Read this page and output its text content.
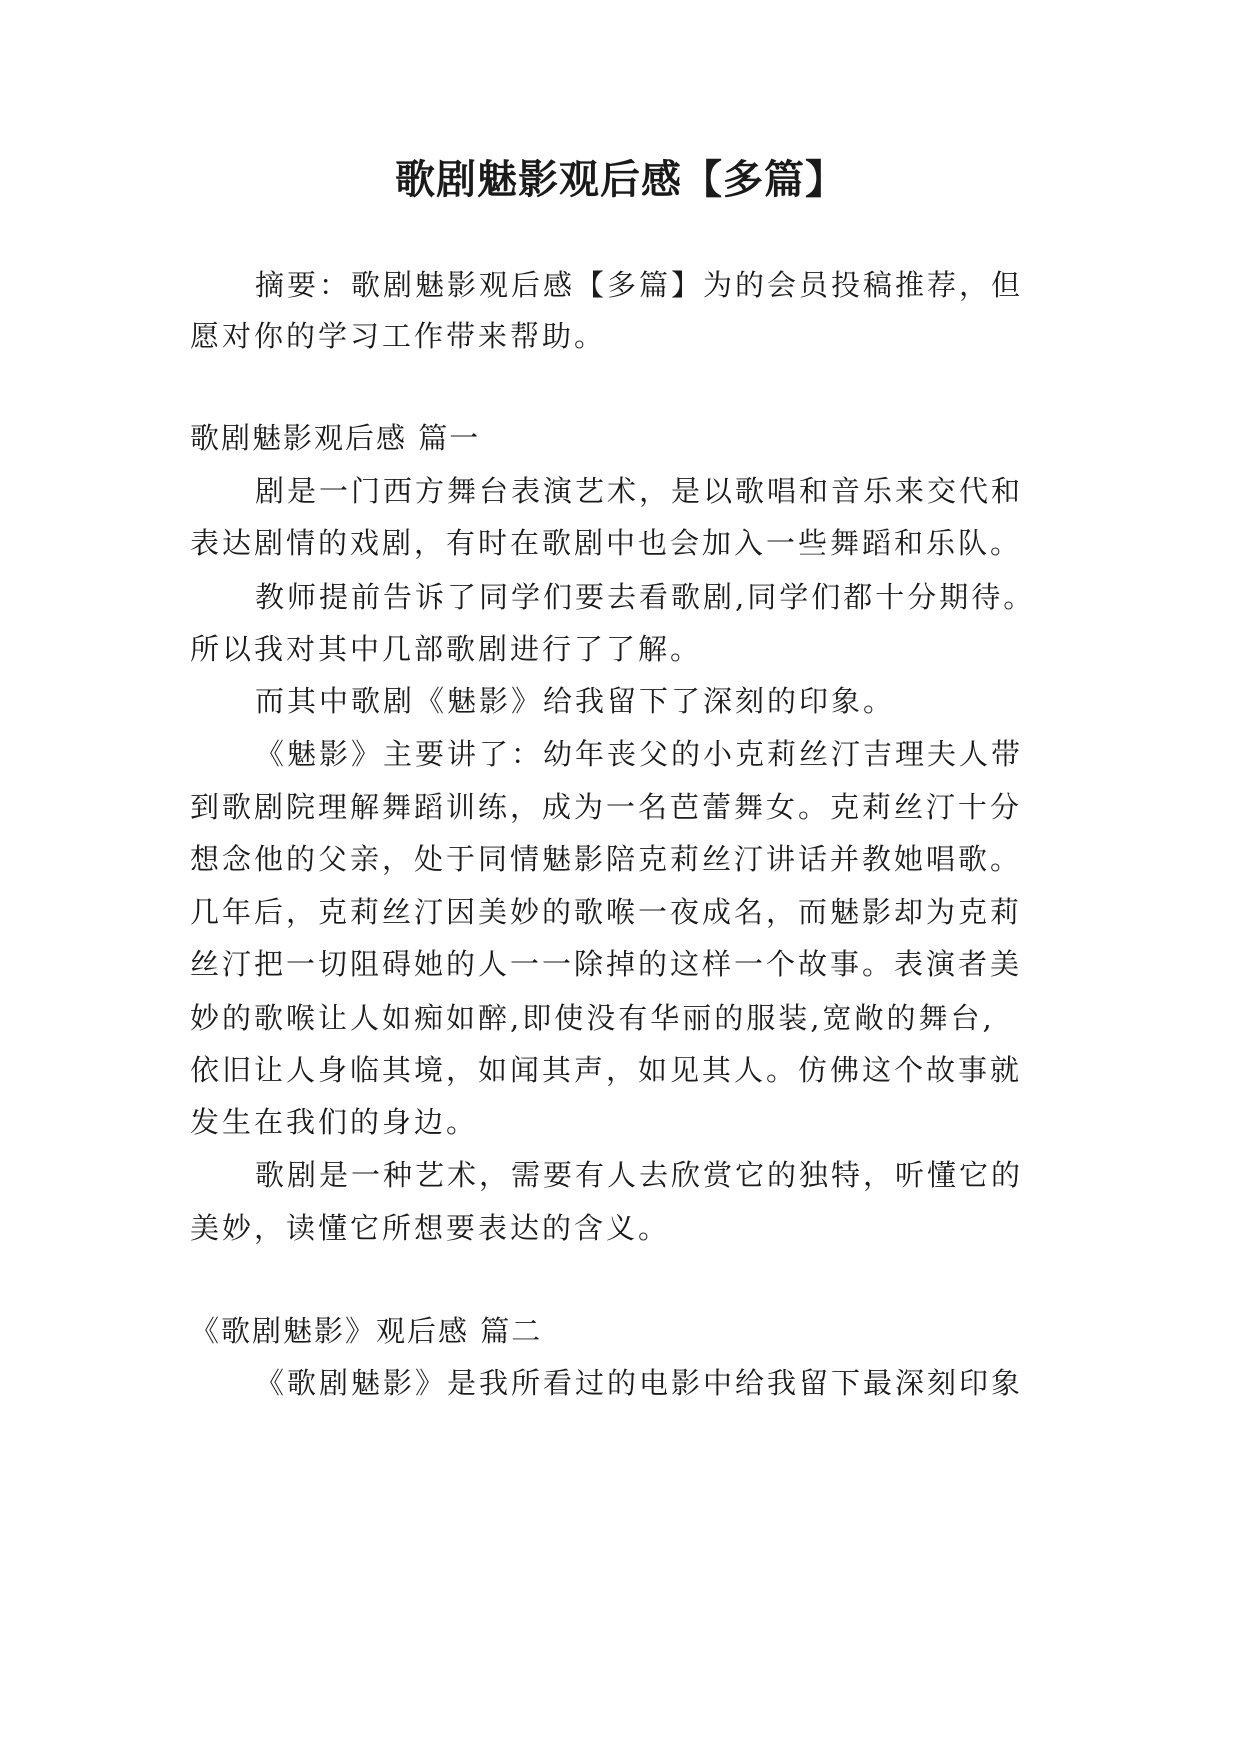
歌剧魅影观后感【多篇】

摘要：歌剧魅影观后感【多篇】为的会员投稿推荐，但

愿对你的学习工作带来帮助。

歌剧魅影观后感 篇一

剧是一门西方舞台表演艺术，是以歌唱和音乐来交代和

表达剧情的戏剧，有时在歌剧中也会加入一些舞蹈和乐队。

教师提前告诉了同学们要去看歌剧,同学们都十分期待。

所以我对其中几部歌剧进行了了解。

而其中歌剧《魅影》给我留下了深刻的印象。

《魅影》主要讲了：幼年丧父的小克莉丝汀吉理夫人带

到歌剧院理解舞蹈训练，成为一名芭蕾舞女。克莉丝汀十分

想念他的父亲，处于同情魅影陪克莉丝汀讲话并教她唱歌。

几年后，克莉丝汀因美妙的歌喉一夜成名，而魅影却为克莉

丝汀把一切阻碍她的人一一除掉的这样一个故事。表演者美

妙的歌喉让人如痴如醉,即使没有华丽的服装,宽敞的舞台,

依旧让人身临其境，如闻其声，如见其人。仿佛这个故事就

发生在我们的身边。

歌剧是一种艺术，需要有人去欣赏它的独特，听懂它的

美妙，读懂它所想要表达的含义。

《歌剧魅影》观后感 篇二

《歌剧魅影》是我所看过的电影中给我留下最深刻印象
